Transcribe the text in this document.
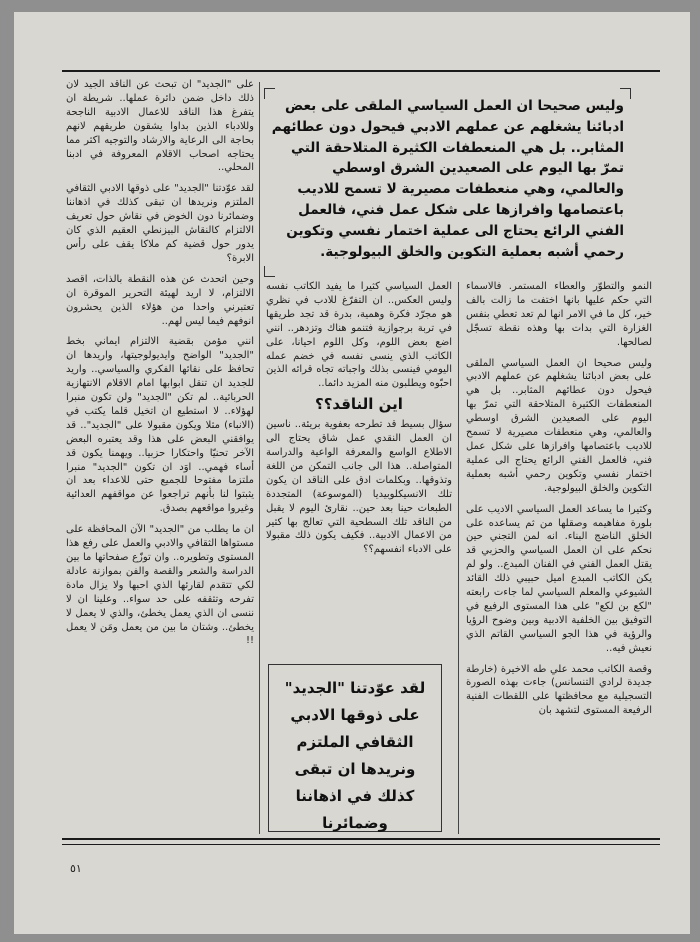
وليس صحيحا ان العمل السياسي الملقى على بعض ادبائنا يشغلهم عن عملهم الادبي فيحول دون عطائهم المثابر.. بل هي المنعطفات الكثيرة المتلاحقة التي تمرّ بها اليوم على الصعيدين الشرق اوسطي والعالمي، وهي منعطفات مصيرية لا تسمح للاديب باعتصامها وافرازها على شكل عمل فني، فالعمل الفني الرائع يحتاج الى عملية اختمار نفسي وتكوين رحمي أشبه بعملية التكوين والخلق البيولوجية.

على "الجديد" ان تبحث عن الناقد الجيد لان ذلك داخل ضمن دائرة عملها.. شريطة ان يتفرغ هذا الناقد للاعمال الادبية الناجحة وللادباء الذين بداوا يشقون طريقهم لانهم بحاجة الى الرعاية والارشاد والتوجيه اكثر مما يحتاجه اصحاب الاقلام المعروفة في ادبنا المحلي..

لقد عوّدتنا "الجديد" على ذوقها الادبي الثقافي الملتزم ونريدها ان تبقى كذلك في اذهاننا وضمائرنا دون الخوض في نقاش حول تعريف الالتزام كالنقاش البيزنطي العقيم الذي كان يدور حول قضية كم ملاكا يقف على رأس الابرة؟

وحين اتحدث عن هذه النقطة بالذات، اقصد الالتزام، لا اريد لهيئة التحرير الموقرة ان تعتبرني واحدا من هؤلاء الذين يحشرون انوفهم فيما ليس لهم..

انني مؤمن بقضية الالتزام ايماني بخط "الجديد" الواضح وايديولوجيتها، واريدها ان تحافظ على نقائها الفكري والسياسي.. واريد للجديد ان تنقل ابوابها امام الاقلام الانتهازية الحربائية.. لم تكن "الجديد" ولن تكون منبرا لهؤلاء.. لا استطيع ان اتخيل قلما يكتب في (الانباء) مثلا ويكون مقبولا على "الجديد".. قد يوافقني البعض على هذا وقد يعتبره البعض الآخر تحنيّا واحتكارا حزبيا.. ويهمنا يكون قد أساء فهمي.. اوَد ان تكون "الجديد" منبرا ملتزما مفتوحا للجميع حتى للاعداء بعد ان يثبتوا لنا بأنهم تراجعوا عن مواقفهم العدائية وغيروا مواقعهم بصدق.

ان ما يطلب من "الجديد" الآن المحافظة على مستواها الثقافي والادبي والعمل على رفع هذا المستوى وتطويره.. وان توزّع صفحاتها ما بين الدراسة والشعر والقصة والفن بموازنة عادلة لكي تتقدم لقارئها الذي احبها ولا يزال مادة تفرحه وتثقفه على حد سواء.. وعلينا ان لا ننسى ان الذي يعمل يخطئ، والذي لا يعمل لا يخطئ.. وشتان ما بين من يعمل ومَن لا يعمل !!

العمل السياسي كثيرا ما يفيد الكاتب نفسه وليس العكس.. ان التفرّغ للادب في نظري هو مجرّد فكرة وهمية، بدرة قد تجد طريقها في تربة برجوازية فتنمو هناك وتزدهر.. انني اضع بعض اللوم، وكل اللوم احيانا، على الكاتب الذي ينسى نفسه في خضم عمله اليومي فينسى بذلك واجباته تجاه قرائه الذين احبّوه ويطلبون منه المزيد دائما..

اين الناقد؟؟

سؤال بسيط قد تطرحه بعفوية بريئة.. ناسين ان العمل النقدي عمل شاق يحتاج الى الاطلاع الواسع والمعرفة الواعية والدراسة المتواصلة.. هذا الى جانب التمكن من اللغة وتذوقها.. وبكلمات ادق على الناقد ان يكون تلك الانسيكلوبيديا (الموسوعة) المتجددة الطبعات حينا بعد حين.. نقارئ اليوم لا يقبل من الناقد تلك السطحية التي تعالج بها كثير من الاعمال الادبية.. فكيف يكون ذلك مقبولا على الادباء انفسهم؟؟

لقد عوّدتنا "الجديد" على ذوقها الادبي الثقافي الملتزم ونريدها ان تبقى كذلك في اذهاننا وضمائرنا

النمو والتطوّر والعطاء المستمر. فالاسماء التي حكم عليها بانها اختفت ما زالت بالف خير، كل ما في الامر انها لم تعد تعطي بنفس الغزارة التي بدات بها وهذه نقطة تسجّل لصالحها.

وليس صحيحا ان العمل السياسي الملقى على بعض ادبائنا يشغلهم عن عملهم الادبي فيحول دون عطائهم المثابر.. بل هي المنعطفات الكثيرة المتلاحقة التي تمرّ بها اليوم على الصعيدين الشرق اوسطي والعالمي، وهي منعطفات مصيرية لا تسمح للاديب باعتصامها وافرازها على شكل عمل فني، فالعمل الفني الرائع يحتاج الى عملية اختمار نفسي وتكوين رحمي أشبه بعملية التكوين والخلق البيولوجية.

وكثيرا ما يساعد العمل السياسي الاديب على بلورة مفاهيمه وصقلها من ثم يساعده على الخلق الناضج البناء. انه لمن التجني حين نحكم على ان العمل السياسي والحزبي قد يقتل العمل الفني في الفنان المبدع.. ولو لم يكن الكاتب المبدع اميل حبيبي ذلك القائد الشيوعي والمعلم السياسي لما جاءت رابعته "لكع بن لكع" على هذا المستوى الرفيع في التوفيق بين الخلفية الادبية وبين وضوح الرؤيا والرؤية في هذا الجو السياسي القاتم الذي نعيش فيه..

وقصة الكاتب محمد علي طه الاخيرة (خارطة جديدة لرادي التنسانس) جاءت بهذه الصورة التسجيلية مع محافظتها على اللقطات الفنية الرفيعة المستوى لتشهد بان

٥١
